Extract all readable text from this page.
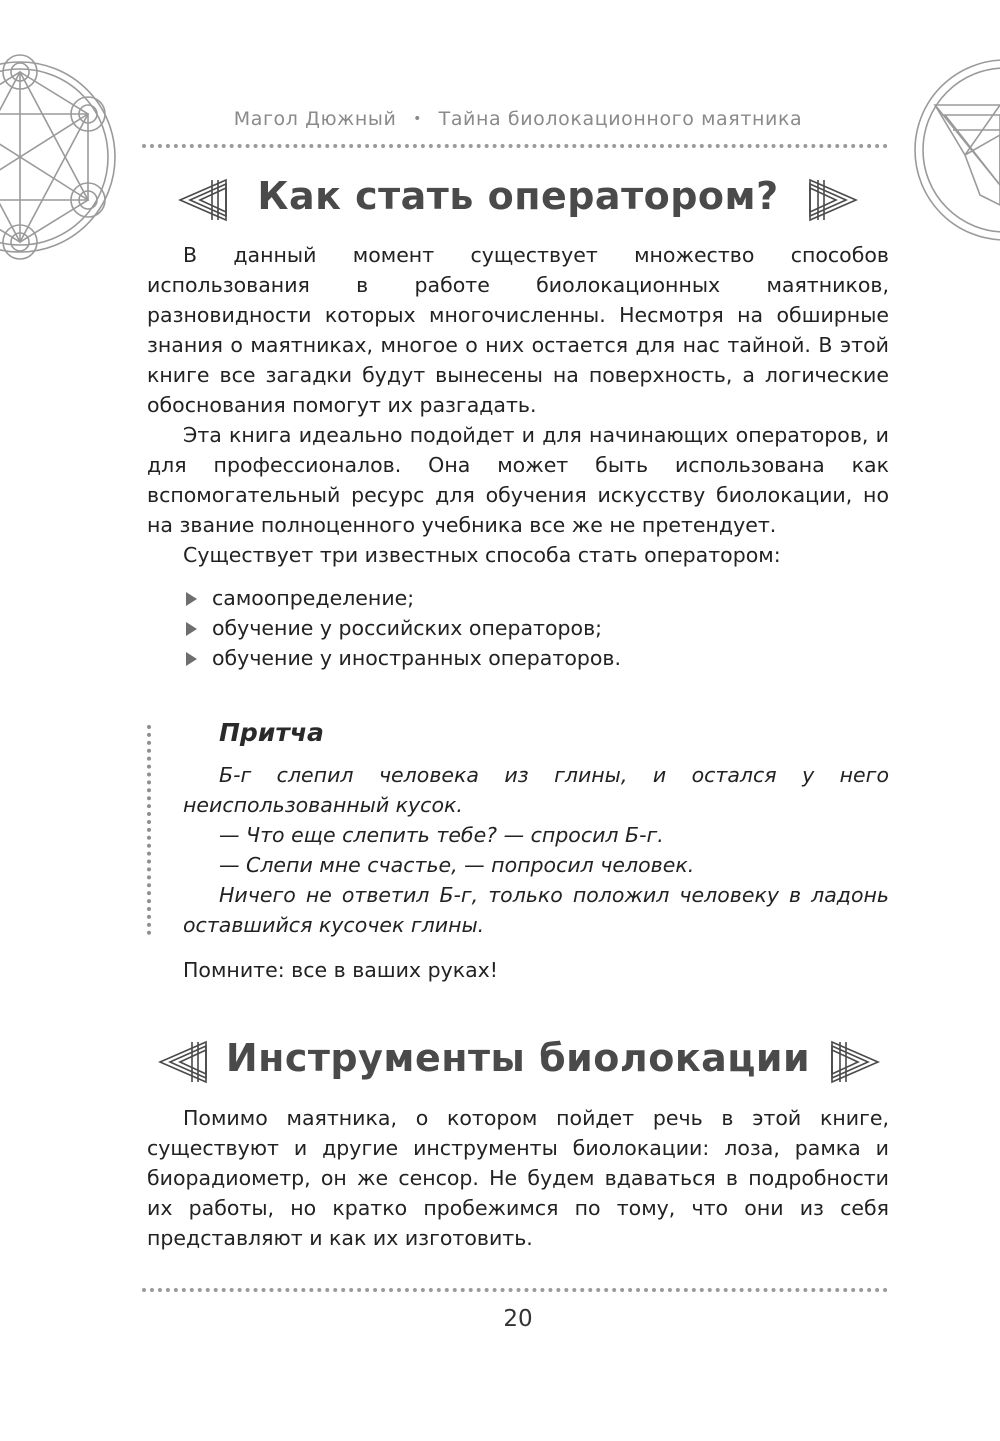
Магол Дюжный • Тайна биолокационного маятника
Как стать оператором?

В данный момент существует множество способов использования в работе биолокационных маятников, разновидности которых многочисленны. Несмотря на обширные знания о маятниках, многое о них остается для нас тайной. В этой книге все загадки будут вынесены на поверхность, а логические обоснования помогут их разгадать.

Эта книга идеально подойдет и для начинающих операторов, и для профессионалов. Она может быть использована как вспомогательный ресурс для обучения искусству биолокации, но на звание полноценного учебника все же не претендует.

Существует три известных способа стать оператором:

самоопределение;
обучение у российских операторов;
обучение у иностранных операторов.
Притча

Б-г слепил человека из глины, и остался у него неиспользованный кусок.

— Что еще слепить тебе? — спросил Б-г.

— Слепи мне счастье, — попросил человек.

Ничего не ответил Б-г, только положил человеку в ладонь оставшийся кусочек глины.

Помните: все в ваших руках!

Инструменты биолокации

Помимо маятника, о котором пойдет речь в этой книге, существуют и другие инструменты биолокации: лоза, рамка и биорадиометр, он же сенсор. Не будем вдаваться в подробности их работы, но кратко пробежимся по тому, что они из себя представляют и как их изготовить.

20
